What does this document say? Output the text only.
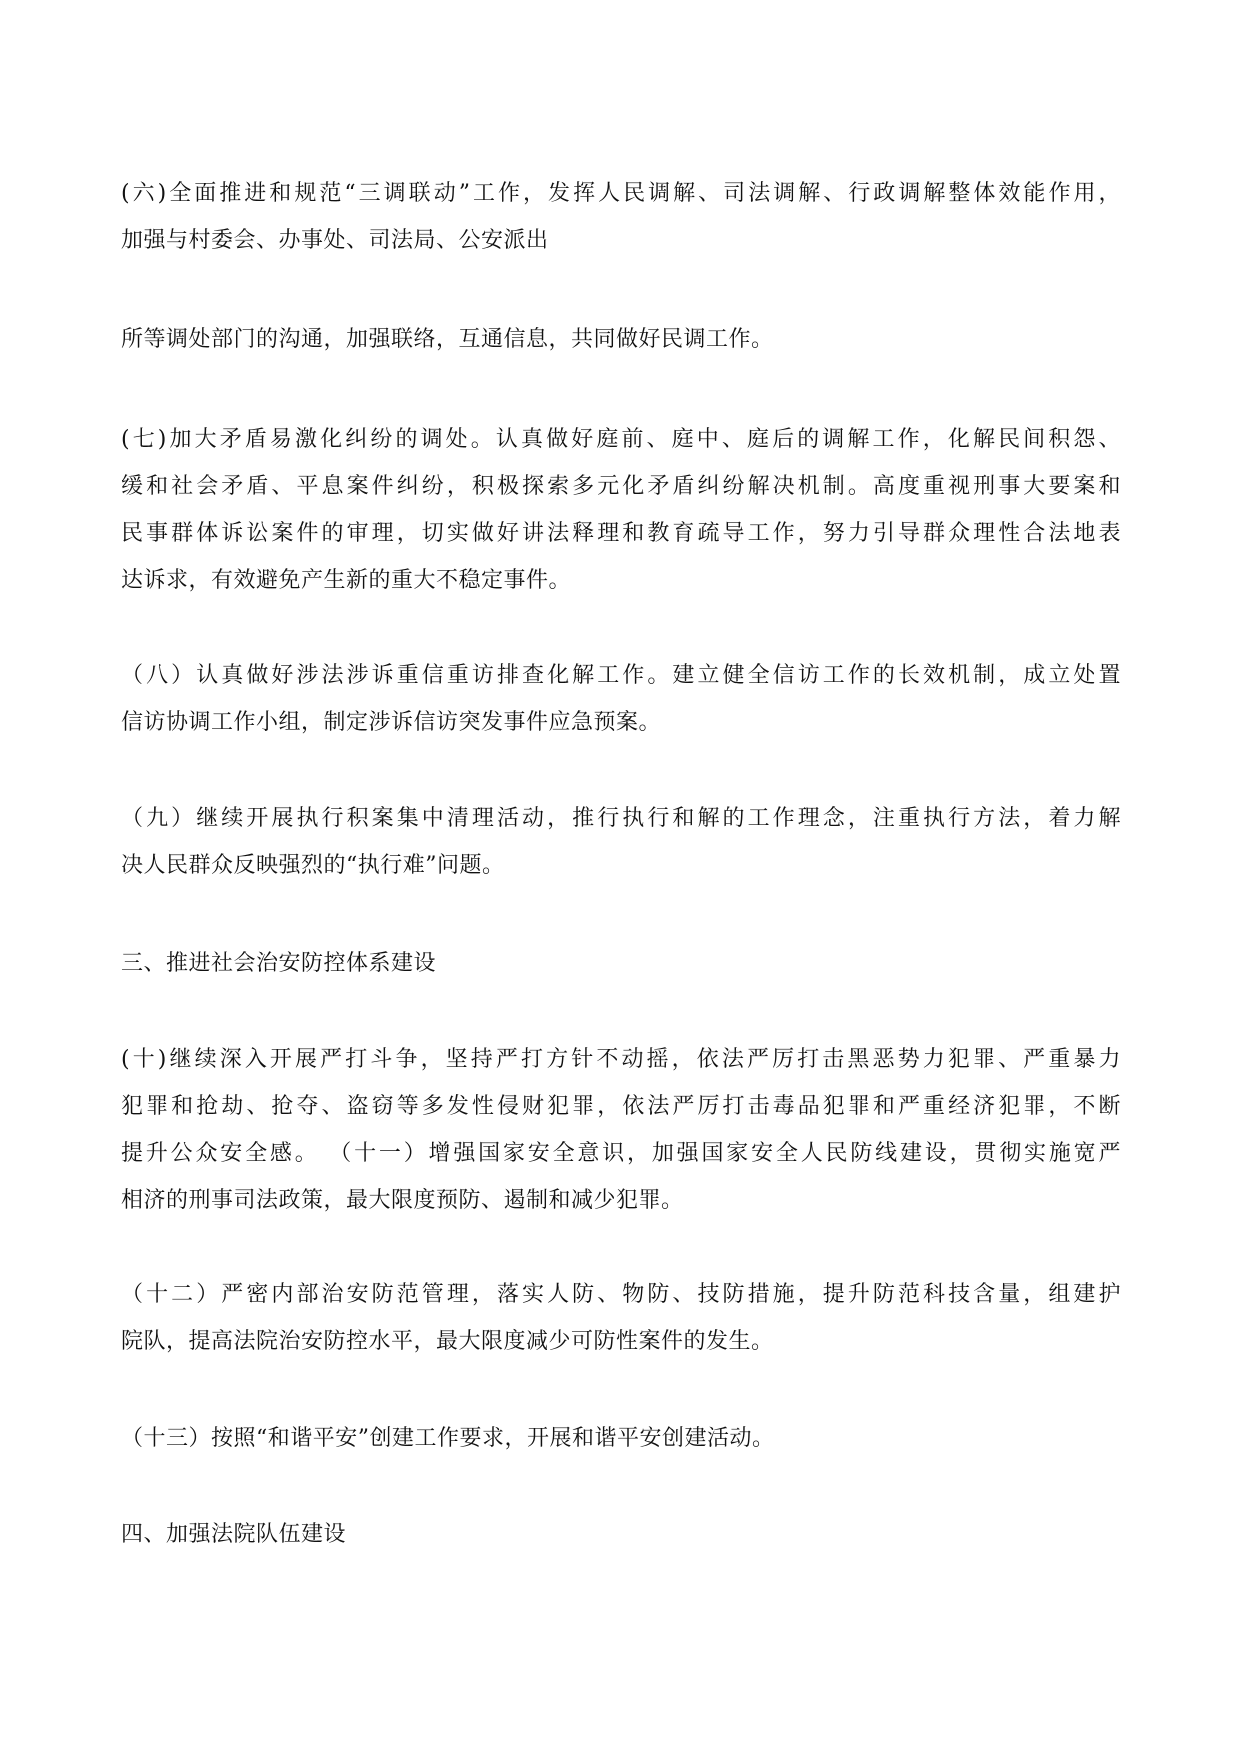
(六)全面推进和规范“三调联动”工作，发挥人民调解、司法调解、行政调解整体效能作用，
加强与村委会、办事处、司法局、公安派出

所等调处部门的沟通，加强联络，互通信息，共同做好民调工作。

(七)加大矛盾易激化纠纷的调处。认真做好庭前、庭中、庭后的调解工作，化解民间积怨、
缓和社会矛盾、平息案件纠纷，积极探索多元化矛盾纠纷解决机制。高度重视刑事大要案和
民事群体诉讼案件的审理，切实做好讲法释理和教育疏导工作，努力引导群众理性合法地表
达诉求，有效避免产生新的重大不稳定事件。

（八）认真做好涉法涉诉重信重访排查化解工作。建立健全信访工作的长效机制，成立处置
信访协调工作小组，制定涉诉信访突发事件应急预案。

（九）继续开展执行积案集中清理活动，推行执行和解的工作理念，注重执行方法，着力解
决人民群众反映强烈的“执行难”问题。

三、推进社会治安防控体系建设

(十)继续深入开展严打斗争，坚持严打方针不动摇，依法严厉打击黑恶势力犯罪、严重暴力
犯罪和抢劫、抢夺、盗窃等多发性侵财犯罪，依法严厉打击毒品犯罪和严重经济犯罪，不断
提升公众安全感。 （十一）增强国家安全意识，加强国家安全人民防线建设，贯彻实施宽严
相济的刑事司法政策，最大限度预防、遏制和减少犯罪。

（十二）严密内部治安防范管理，落实人防、物防、技防措施，提升防范科技含量，组建护
院队，提高法院治安防控水平，最大限度减少可防性案件的发生。

（十三）按照“和谐平安”创建工作要求，开展和谐平安创建活动。

四、加强法院队伍建设
